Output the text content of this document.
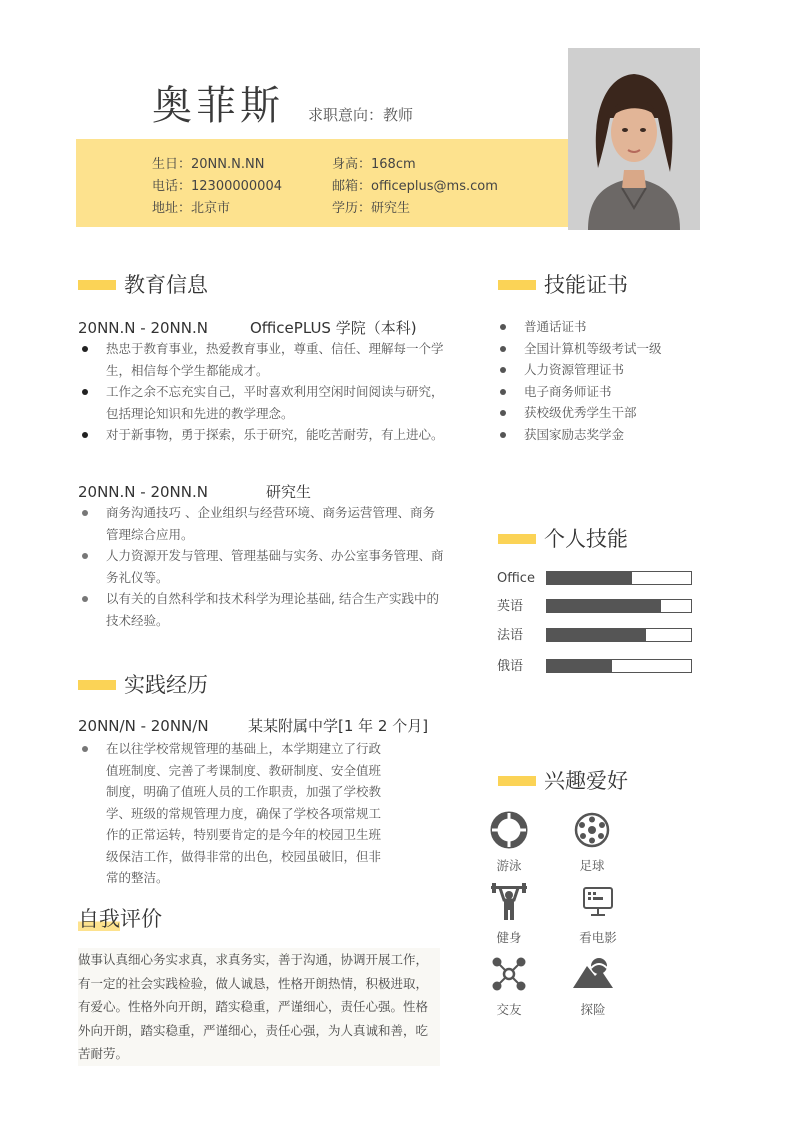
奥菲斯 求职意向：教师
生日：20NN.N.NN	身高：168cm
电话：12300000004	邮箱：officeplus@ms.com
地址：北京市	学历：研究生
教育信息
20NN.N - 20NN.N	OfficePLUS 学院（本科)
热忠于教育事业，热爱教育事业，尊重、信任、理解每一个学生，相信每个学生都能成才。
工作之余不忘充实自己，平时喜欢利用空闲时间阅读与研究，包括理论知识和先进的教学理念。
对于新事物，勇于探索，乐于研究，能吃苦耐劳，有上进心。
20NN.N - 20NN.N	研究生
商务沟通技巧 、企业组织与经营环境、商务运营管理、商务管理综合应用。
人力资源开发与管理、管理基础与实务、办公室事务管理、商务礼仪等。
以有关的自然科学和技术科学为理论基础, 结合生产实践中的技术经验。
实践经历
20NN/N - 20NN/N	某某附属中学[1 年 2 个月]
在以往学校常规管理的基础上，本学期建立了行政值班制度、完善了考课制度、教研制度、安全值班制度，明确了值班人员的工作职责，加强了学校教学、班级的常规管理力度，确保了学校各项常规工作的正常运转，特别要肯定的是今年的校园卫生班级保洁工作，做得非常的出色，校园虽破旧，但非常的整洁。
自我评价
做事认真细心务实求真，求真务实，善于沟通，协调开展工作，有一定的社会实践检验，做人诚恳，性格开朗热情，积极进取，有爱心。性格外向开朗，踏实稳重，严谨细心，责任心强。性格外向开朗，踏实稳重，严谨细心，责任心强，为人真诚和善，吃苦耐劳。
技能证书
普通话证书
全国计算机等级考试一级
人力资源管理证书
电子商务师证书
获校级优秀学生干部
获国家励志奖学金
个人技能
Office
英语
法语
俄语
兴趣爱好
游泳	足球
健身	看电影
交友	探险
